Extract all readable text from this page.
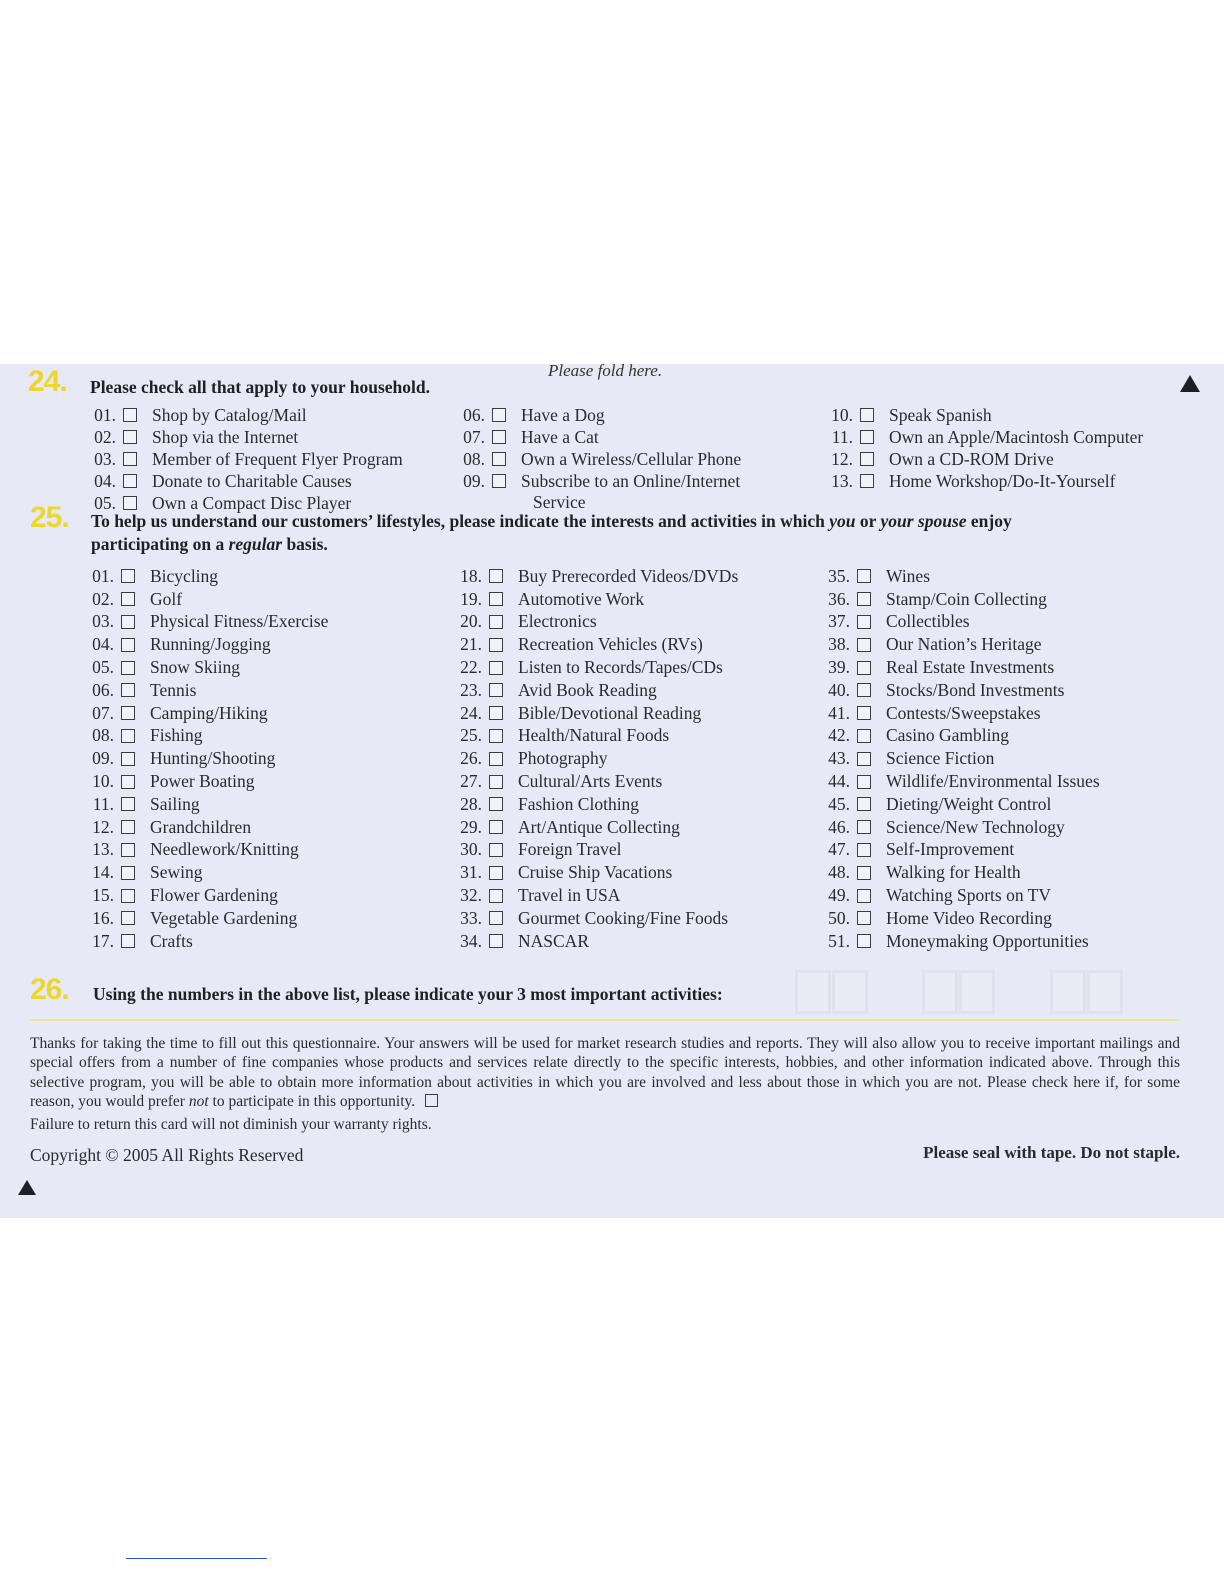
Please fold here.
24. Please check all that apply to your household.
01. Shop by Catalog/Mail
02. Shop via the Internet
03. Member of Frequent Flyer Program
04. Donate to Charitable Causes
05. Own a Compact Disc Player
06. Have a Dog
07. Have a Cat
08. Own a Wireless/Cellular Phone
09. Subscribe to an Online/Internet
10. Speak Spanish
11. Own an Apple/Macintosh Computer
12. Own a CD-ROM Drive
13. Home Workshop/Do-It-Yourself
Service
25. To help us understand our customers’ lifestyles, please indicate the interests and activities in which you or your spouse enjoy
participating on a regular basis.
01. Bicycling
02. Golf
03. Physical Fitness/Exercise
04. Running/Jogging
05. Snow Skiing
06. Tennis
07. Camping/Hiking
08. Fishing
09. Hunting/Shooting
10. Power Boating
11. Sailing
12. Grandchildren
13. Needlework/Knitting
14. Sewing
15. Flower Gardening
16. Vegetable Gardening
17. Crafts
18. Buy Prerecorded Videos/DVDs
19. Automotive Work
20. Electronics
21. Recreation Vehicles (RVs)
22. Listen to Records/Tapes/CDs
23. Avid Book Reading
24. Bible/Devotional Reading
25. Health/Natural Foods
26. Photography
27. Cultural/Arts Events
28. Fashion Clothing
29. Art/Antique Collecting
30. Foreign Travel
31. Cruise Ship Vacations
32. Travel in USA
33. Gourmet Cooking/Fine Foods
34. NASCAR
35. Wines
36. Stamp/Coin Collecting
37. Collectibles
38. Our Nation’s Heritage
39. Real Estate Investments
40. Stocks/Bond Investments
41. Contests/Sweepstakes
42. Casino Gambling
43. Science Fiction
44. Wildlife/Environmental Issues
45. Dieting/Weight Control
46. Science/New Technology
47. Self-Improvement
48. Walking for Health
49. Watching Sports on TV
50. Home Video Recording
51. Moneymaking Opportunities
26. Using the numbers in the above list, please indicate your 3 most important activities:
Thanks for taking the time to fill out this questionnaire. Your answers will be used for market research studies and reports. They will also allow you to receive important mailings and special offers from a number of fine companies whose products and services relate directly to the specific interests, hobbies, and other information indicated above. Through this selective program, you will be able to obtain more information about activities in which you are involved and less about those in which you are not. Please check here if, for some reason, you would prefer not to participate in this opportunity.
Failure to return this card will not diminish your warranty rights.
Copyright © 2005 All Rights Reserved	Please seal with tape. Do not staple.
